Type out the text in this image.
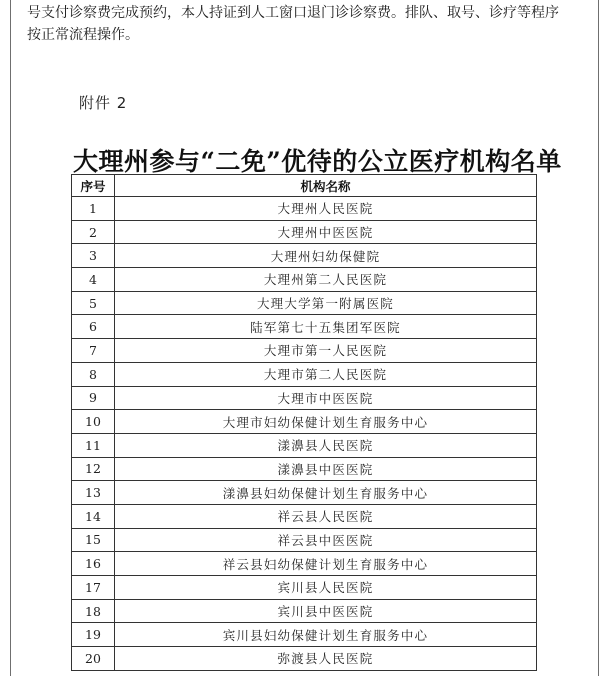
号支付诊察费完成预约，本人持证到人工窗口退门诊诊察费。排队、取号、诊疗等程序

按正常流程操作。

附件 2
大理州参与“二免”优待的公立医疗机构名单
序号	机构名称
1	大理州人民医院
2	大理州中医医院
3	大理州妇幼保健院
4	大理州第二人民医院
5	大理大学第一附属医院
6	陆军第七十五集团军医院
7	大理市第一人民医院
8	大理市第二人民医院
9	大理市中医医院
10	大理市妇幼保健计划生育服务中心
11	漾濞县人民医院
12	漾濞县中医医院
13	漾濞县妇幼保健计划生育服务中心
14	祥云县人民医院
15	祥云县中医医院
16	祥云县妇幼保健计划生育服务中心
17	宾川县人民医院
18	宾川县中医医院
19	宾川县妇幼保健计划生育服务中心
20	弥渡县人民医院
